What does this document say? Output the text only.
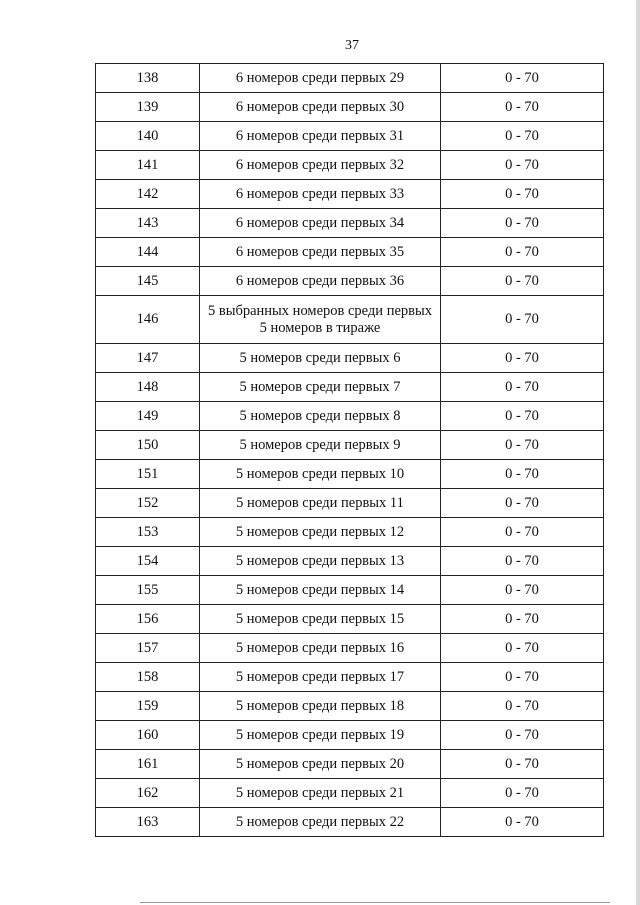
37
138	6 номеров среди первых 29	0 - 70
139	6 номеров среди первых 30	0 - 70
140	6 номеров среди первых 31	0 - 70
141	6 номеров среди первых 32	0 - 70
142	6 номеров среди первых 33	0 - 70
143	6 номеров среди первых 34	0 - 70
144	6 номеров среди первых 35	0 - 70
145	6 номеров среди первых 36	0 - 70
146	5 выбранных номеров среди первых
5 номеров в тираже	0 - 70
147	5 номеров среди первых 6	0 - 70
148	5 номеров среди первых 7	0 - 70
149	5 номеров среди первых 8	0 - 70
150	5 номеров среди первых 9	0 - 70
151	5 номеров среди первых 10	0 - 70
152	5 номеров среди первых 11	0 - 70
153	5 номеров среди первых 12	0 - 70
154	5 номеров среди первых 13	0 - 70
155	5 номеров среди первых 14	0 - 70
156	5 номеров среди первых 15	0 - 70
157	5 номеров среди первых 16	0 - 70
158	5 номеров среди первых 17	0 - 70
159	5 номеров среди первых 18	0 - 70
160	5 номеров среди первых 19	0 - 70
161	5 номеров среди первых 20	0 - 70
162	5 номеров среди первых 21	0 - 70
163	5 номеров среди первых 22	0 - 70
